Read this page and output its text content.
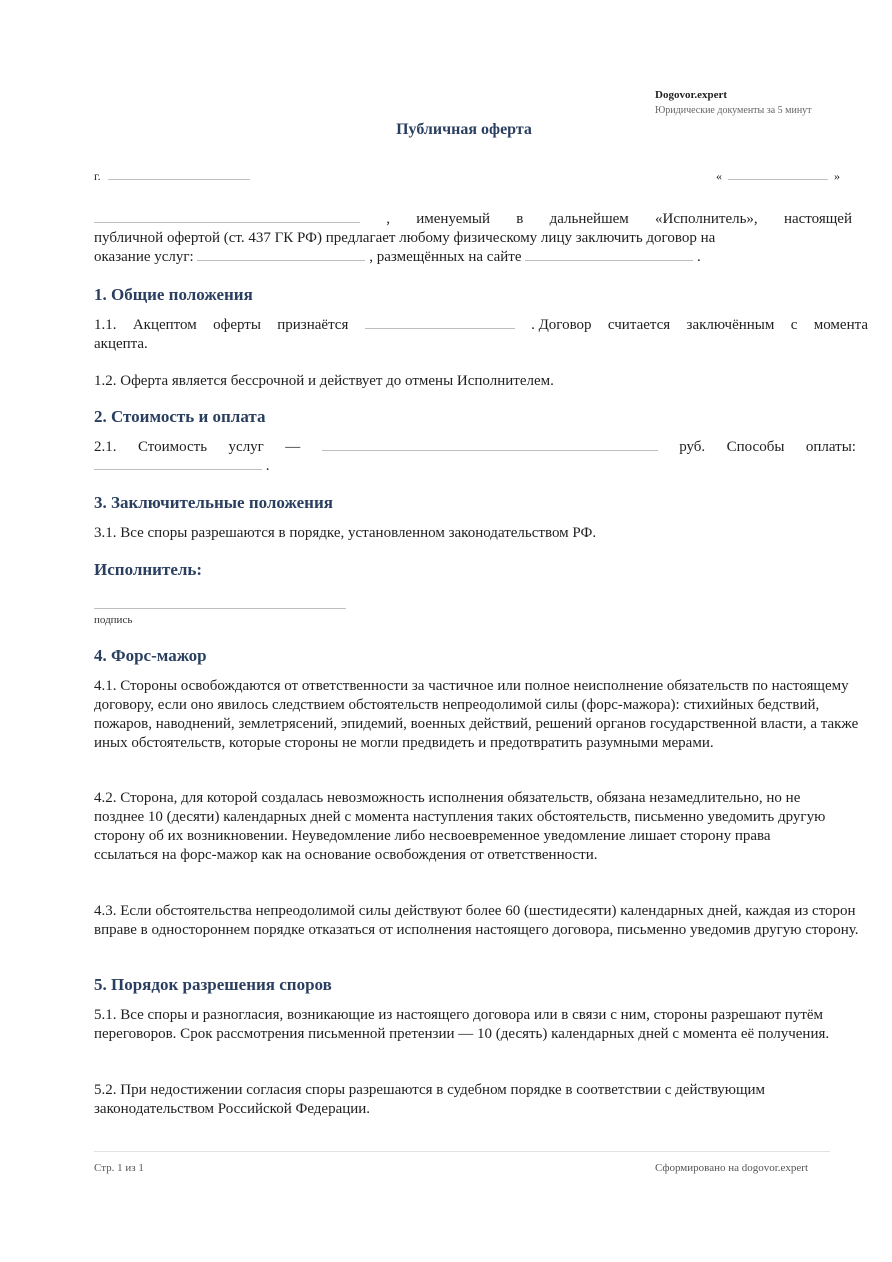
Dogovor.expert
Юридические документы за 5 минут
Публичная оферта
г.	«	»
, именуемый в дальнейшем «Исполнитель», настоящей
публичной офертой (ст. 437 ГК РФ) предлагает любому физическому лицу заключить договор на
оказание услуг:	, размещённых на сайте	.
1. Общие положения
1.1. Акцептом оферты признаётся	. Договор считается заключённым с момента
акцепта.
1.2. Оферта является бессрочной и действует до отмены Исполнителем.
2. Стоимость и оплата
2.1. Стоимость услуг —	руб. Способы оплаты:
.
3. Заключительные положения
3.1. Все споры разрешаются в порядке, установленном законодательством РФ.
Исполнитель:
подпись
4. Форс-мажор
4.1. Стороны освобождаются от ответственности за частичное или полное неисполнение обязательств по настоящему договору, если оно явилось следствием обстоятельств непреодолимой силы (форс-мажора): стихийных бедствий, пожаров, наводнений, землетрясений, эпидемий, военных действий, решений органов государственной власти, а также иных обстоятельств, которые стороны не могли предвидеть и предотвратить разумными мерами.
4.2. Сторона, для которой создалась невозможность исполнения обязательств, обязана незамедлительно, но не позднее 10 (десяти) календарных дней с момента наступления таких обстоятельств, письменно уведомить другую сторону об их возникновении. Неуведомление либо несвоевременное уведомление лишает сторону права ссылаться на форс-мажор как на основание освобождения от ответственности.
4.3. Если обстоятельства непреодолимой силы действуют более 60 (шестидесяти) календарных дней, каждая из сторон вправе в одностороннем порядке отказаться от исполнения настоящего договора, письменно уведомив другую сторону.
5. Порядок разрешения споров
5.1. Все споры и разногласия, возникающие из настоящего договора или в связи с ним, стороны разрешают путём переговоров. Срок рассмотрения письменной претензии — 10 (десять) календарных дней с момента её получения.
5.2. При недостижении согласия споры разрешаются в судебном порядке в соответствии с действующим законодательством Российской Федерации.
Стр. 1 из 1	Сформировано на dogovor.expert
